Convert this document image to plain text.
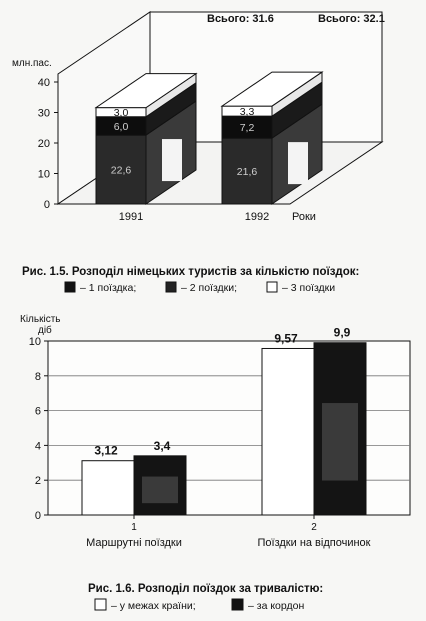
млн.пас.
0
10
20
30
40
22,6
6,0
3,0
21,6
7,2
3,3
1991	1992 Роки
Всього: 31.6	Всього: 32.1
Рис. 1.5. Розподіл німецьких туристів за кількістю поїздок:
– 1 поїздка;	– 2 поїздки;	– 3 поїздки
Кількість
діб
0
2
4
6
8
10
3,12	3,4
9,57	9,9
1
Маршрутні поїздки
2
Поїздки на відпочинок
Рис. 1.6. Розподіл поїздок за тривалістю:
– у межах країни;	– за кордон
